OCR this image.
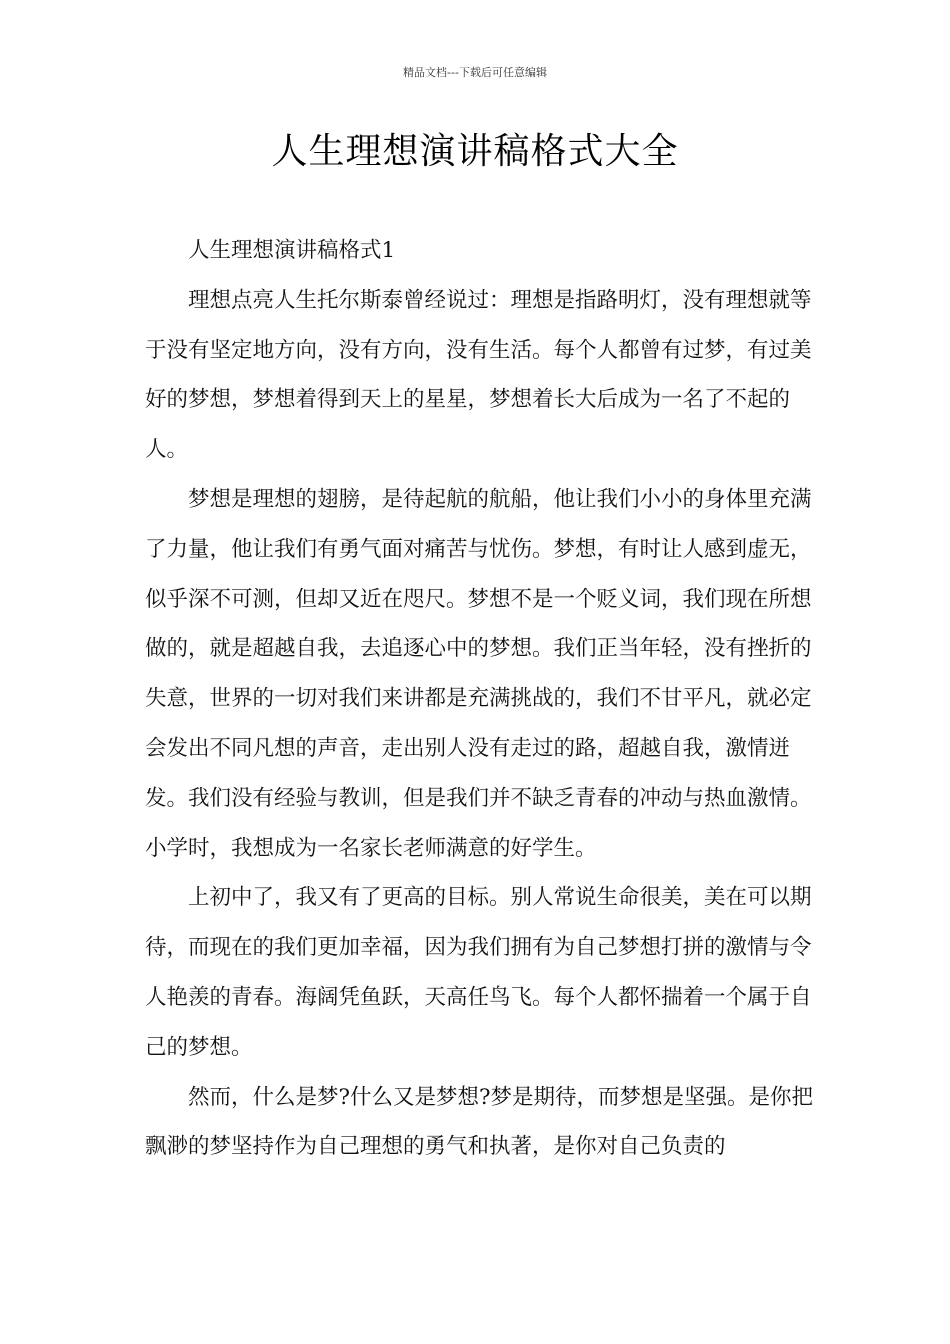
精品文档---下载后可任意编辑
人生理想演讲稿格式大全

人生理想演讲稿格式1

理想点亮人生托尔斯泰曾经说过：理想是指路明灯，没有理想就等于没有坚定地方向，没有方向，没有生活。每个人都曾有过梦，有过美好的梦想，梦想着得到天上的星星，梦想着长大后成为一名了不起的人。

梦想是理想的翅膀，是待起航的航船，他让我们小小的身体里充满了力量，他让我们有勇气面对痛苦与忧伤。梦想，有时让人感到虚无，似乎深不可测，但却又近在咫尺。梦想不是一个贬义词，我们现在所想做的，就是超越自我，去追逐心中的梦想。我们正当年轻，没有挫折的失意，世界的一切对我们来讲都是充满挑战的，我们不甘平凡，就必定会发出不同凡想的声音，走出别人没有走过的路，超越自我，激情迸发。我们没有经验与教训，但是我们并不缺乏青春的冲动与热血激情。小学时，我想成为一名家长老师满意的好学生。

上初中了，我又有了更高的目标。别人常说生命很美，美在可以期待，而现在的我们更加幸福，因为我们拥有为自己梦想打拼的激情与令人艳羡的青春。海阔凭鱼跃，天高任鸟飞。每个人都怀揣着一个属于自己的梦想。

然而，什么是梦?什么又是梦想?梦是期待，而梦想是坚强。是你把飘渺的梦坚持作为自己理想的勇气和执著，是你对自己负责的
